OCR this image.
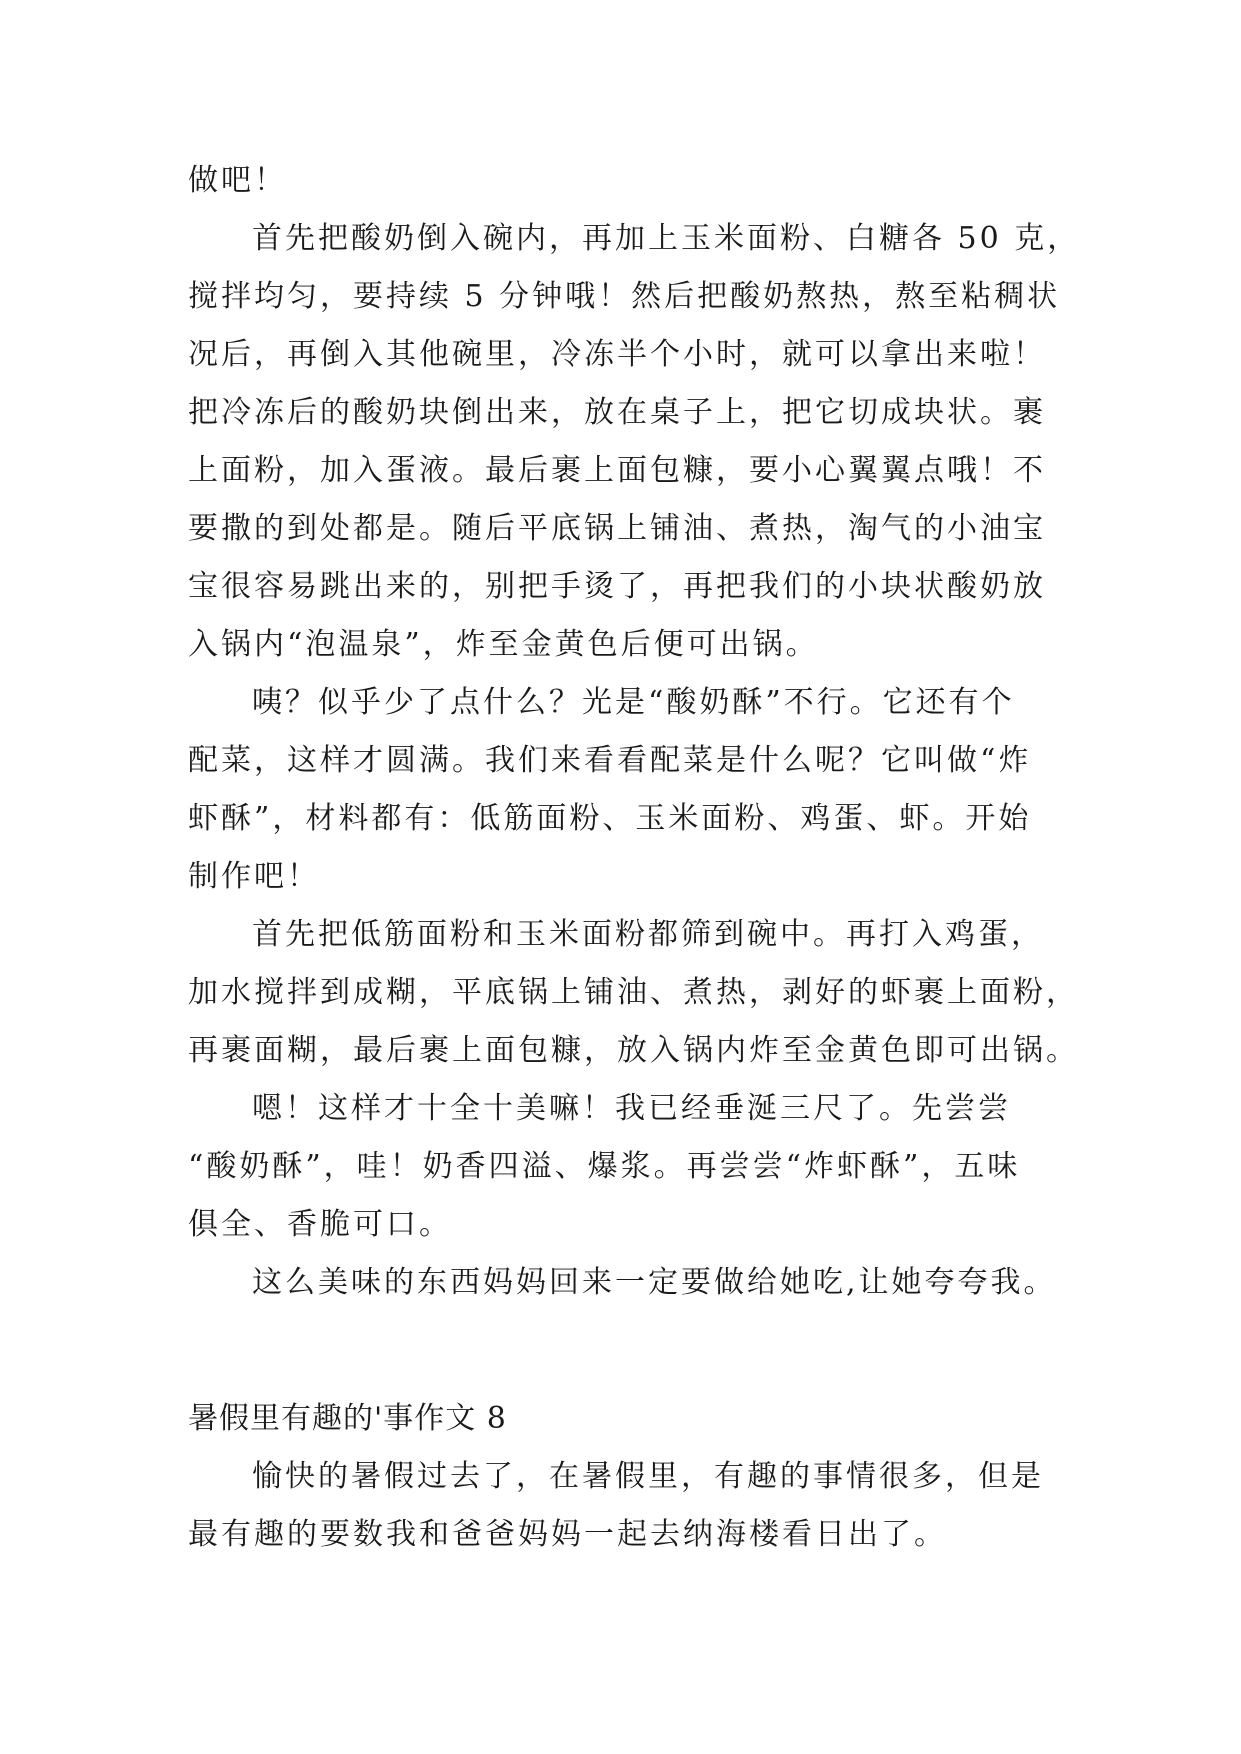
做吧！
首先把酸奶倒入碗内，再加上玉米面粉、白糖各 50 克，
搅拌均匀，要持续 5 分钟哦！然后把酸奶熬热，熬至粘稠状
况后，再倒入其他碗里，冷冻半个小时，就可以拿出来啦！
把冷冻后的酸奶块倒出来，放在桌子上，把它切成块状。裹
上面粉，加入蛋液。最后裹上面包糠，要小心翼翼点哦！不
要撒的到处都是。随后平底锅上铺油、煮热，淘气的小油宝
宝很容易跳出来的，别把手烫了，再把我们的小块状酸奶放
入锅内“泡温泉”，炸至金黄色后便可出锅。
咦？似乎少了点什么？光是“酸奶酥”不行。它还有个
配菜，这样才圆满。我们来看看配菜是什么呢？它叫做“炸
虾酥”，材料都有：低筋面粉、玉米面粉、鸡蛋、虾。开始
制作吧！
首先把低筋面粉和玉米面粉都筛到碗中。再打入鸡蛋，
加水搅拌到成糊，平底锅上铺油、煮热，剥好的虾裹上面粉，
再裹面糊，最后裹上面包糠，放入锅内炸至金黄色即可出锅。
嗯！这样才十全十美嘛！我已经垂涎三尺了。先尝尝
“酸奶酥”，哇！奶香四溢、爆浆。再尝尝“炸虾酥”，五味
俱全、香脆可口。
这么美味的东西妈妈回来一定要做给她吃,让她夸夸我。
暑假里有趣的'事作文 8
愉快的暑假过去了，在暑假里，有趣的事情很多，但是
最有趣的要数我和爸爸妈妈一起去纳海楼看日出了。
